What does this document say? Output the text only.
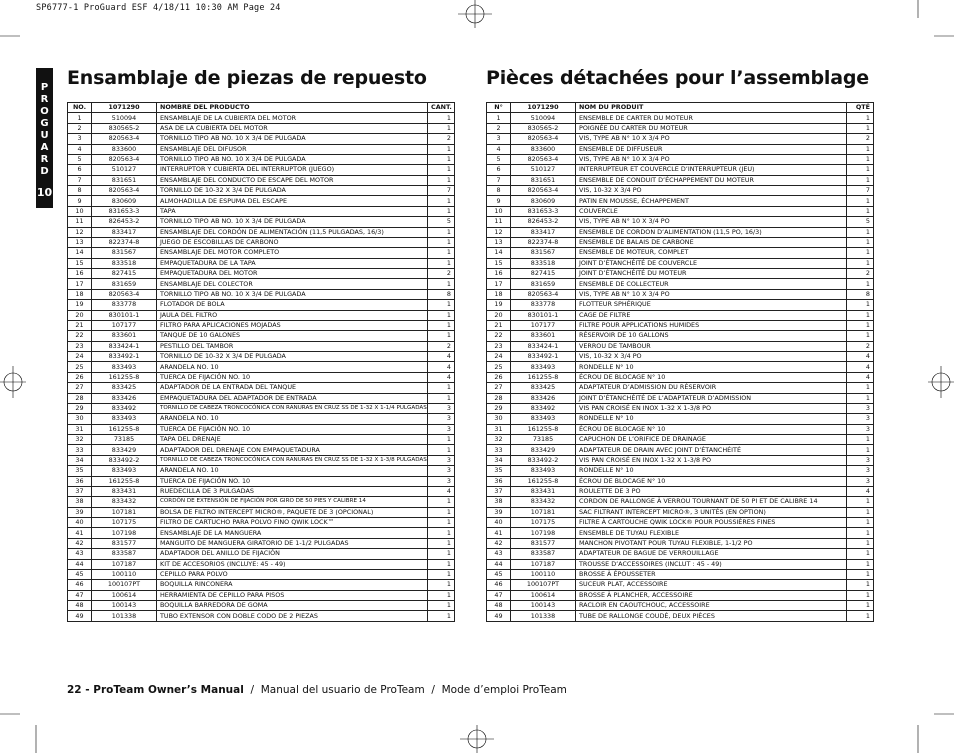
SP6777-1 ProGuard ESF 4/18/11 10:30 AM Page 24
P
R
O
G
U
A
R
D
10
Ensamblaje de piezas de repuesto	Pièces détachées pour l’assemblage
NO.	1071290	NOMBRE DEL PRODUCTO	CANT.
1	510094	ENSAMBLAJE DE LA CUBIERTA DEL MOTOR	1
2	830565-2	ASA DE LA CUBIERTA DEL MOTOR	1
3	820563-4	TORNILLO TIPO AB NO. 10 X 3/4 DE PULGADA	2
4	833600	ENSAMBLAJE DEL DIFUSOR	1
5	820563-4	TORNILLO TIPO AB NO. 10 X 3/4 DE PULGADA	1
6	510127	INTERRUPTOR Y CUBIERTA DEL INTERRUPTOR (JUEGO)	1
7	831651	ENSAMBLAJE DEL CONDUCTO DE ESCAPE DEL MOTOR	1
8	820563-4	TORNILLO DE 10-32 X 3/4 DE PULGADA	7
9	830609	ALMOHADILLA DE ESPUMA DEL ESCAPE	1
10	831653-3	TAPA	1
11	826453-2	TORNILLO TIPO AB NO. 10 X 3/4 DE PULGADA	5
12	833417	ENSAMBLAJE DEL CORDÓN DE ALIMENTACIÓN (11,5 PULGADAS, 16/3)	1
13	822374-8	JUEGO DE ESCOBILLAS DE CARBONO	1
14	831567	ENSAMBLAJE DEL MOTOR COMPLETO	1
15	833518	EMPAQUETADURA DE LA TAPA	1
16	827415	EMPAQUETADURA DEL MOTOR	2
17	831659	ENSAMBLAJE DEL COLECTOR	1
18	820563-4	TORNILLO TIPO AB NO. 10 X 3/4 DE PULGADA	8
19	833778	FLOTADOR DE BOLA	1
20	830101-1	JAULA DEL FILTRO	1
21	107177	FILTRO PARA APLICACIONES MOJADAS	1
22	833601	TANQUE DE 10 GALONES	1
23	833424-1	PESTILLO DEL TAMBOR	2
24	833492-1	TORNILLO DE 10-32 X 3/4 DE PULGADA	4
25	833493	ARANDELA NO. 10	4
26	161255-8	TUERCA DE FIJACIÓN NO. 10	4
27	833425	ADAPTADOR DE LA ENTRADA DEL TANQUE	1
28	833426	EMPAQUETADURA DEL ADAPTADOR DE ENTRADA	1
29	833492	TORNILLO DE CABEZA TRONCOCÓNICA CON RANURAS EN CRUZ SS DE 1-32 X 1-1/4 PULGADAS	3
30	833493	ARANDELA NO. 10	3
31	161255-8	TUERCA DE FIJACIÓN NO. 10	3
32	73185	TAPA DEL DRENAJE	1
33	833429	ADAPTADOR DEL DRENAJE CON EMPAQUETADURA	1
34	833492-2	TORNILLO DE CABEZA TRONCOCÓNICA CON RANURAS EN CRUZ SS DE 1-32 X 1-3/8 PULGADAS	3
35	833493	ARANDELA NO. 10	3
36	161255-8	TUERCA DE FIJACIÓN NO. 10	3
37	833431	RUEDECILLA DE 3 PULGADAS	4
38	833432	CORDÓN DE EXTENSIÓN DE FIJACIÓN POR GIRO DE 50 PIES Y CALIBRE 14	1
39	107181	BOLSA DE FILTRO INTERCEPT MICRO®, PAQUETE DE 3 (OPCIONAL)	1
40	107175	FILTRO DE CARTUCHO PARA POLVO FINO QWIK LOCK™	1
41	107198	ENSAMBLAJE DE LA MANGUERA	1
42	831577	MANGUITO DE MANGUERA GIRATORIO DE 1-1/2 PULGADAS	1
43	833587	ADAPTADOR DEL ANILLO DE FIJACIÓN	1
44	107187	KIT DE ACCESORIOS (INCLUYE: 45 - 49)	1
45	100110	CEPILLO PARA POLVO	1
46	100107PT	BOQUILLA RINCONERA	1
47	100614	HERRAMIENTA DE CEPILLO PARA PISOS	1
48	100143	BOQUILLA BARREDORA DE GOMA	1
49	101338	TUBO EXTENSOR CON DOBLE CODO DE 2 PIEZAS	1
N°	1071290	NOM DU PRODUIT	QTÉ
1	510094	ENSEMBLE DE CARTER DU MOTEUR	1
2	830565-2	POIGNÉE DU CARTER DU MOTEUR	1
3	820563-4	VIS, TYPE AB N° 10 X 3/4 PO	2
4	833600	ENSEMBLE DE DIFFUSEUR	1
5	820563-4	VIS, TYPE AB N° 10 X 3/4 PO	1
6	510127	INTERRUPTEUR ET COUVERCLE D’INTERRUPTEUR (JEU)	1
7	831651	ENSEMBLE DE CONDUIT D’ÉCHAPPEMENT DU MOTEUR	1
8	820563-4	VIS, 10-32 X 3/4 PO	7
9	830609	PATIN EN MOUSSE, ÉCHAPPEMENT	1
10	831653-3	COUVERCLE	1
11	826453-2	VIS, TYPE AB N° 10 X 3/4 PO	5
12	833417	ENSEMBLE DE CORDON D’ALIMENTATION (11,5 PO, 16/3)	1
13	822374-8	ENSEMBLE DE BALAIS DE CARBONE	1
14	831567	ENSEMBLE DE MOTEUR, COMPLET	1
15	833518	JOINT D’ÉTANCHÉITÉ DE COUVERCLE	1
16	827415	JOINT D’ÉTANCHÉITÉ DU MOTEUR	2
17	831659	ENSEMBLE DE COLLECTEUR	1
18	820563-4	VIS, TYPE AB N° 10 X 3/4 PO	8
19	833778	FLOTTEUR SPHÉRIQUE	1
20	830101-1	CAGE DE FILTRE	1
21	107177	FILTRE POUR APPLICATIONS HUMIDES	1
22	833601	RÉSERVOIR DE 10 GALLONS	1
23	833424-1	VERROU DE TAMBOUR	2
24	833492-1	VIS, 10-32 X 3/4 PO	4
25	833493	RONDELLE N° 10	4
26	161255-8	ÉCROU DE BLOCAGE N° 10	4
27	833425	ADAPTATEUR D’ADMISSION DU RÉSERVOIR	1
28	833426	JOINT D’ÉTANCHÉITÉ DE L’ADAPTATEUR D’ADMISSION	1
29	833492	VIS PAN CROISÉ EN INOX 1-32 X 1-3/8 PO	3
30	833493	RONDELLE N° 10	3
31	161255-8	ÉCROU DE BLOCAGE N° 10	3
32	73185	CAPUCHON DE L’ORIFICE DE DRAINAGE	1
33	833429	ADAPTATEUR DE DRAIN AVEC JOINT D’ÉTANCHÉITÉ	1
34	833492-2	VIS PAN CROISÉ EN INOX 1-32 X 1-3/8 PO	3
35	833493	RONDELLE N° 10	3
36	161255-8	ÉCROU DE BLOCAGE N° 10	3
37	833431	ROULETTE DE 3 PO	4
38	833432	CORDON DE RALLONGE À VERROU TOURNANT DE 50 PI ET DE CALIBRE 14	1
39	107181	SAC FILTRANT INTERCEPT MICRO®, 3 UNITÉS (EN OPTION)	1
40	107175	FILTRE À CARTOUCHE QWIK LOCK® POUR POUSSIÈRES FINES	1
41	107198	ENSEMBLE DE TUYAU FLEXIBLE	1
42	831577	MANCHON PIVOTANT POUR TUYAU FLEXIBLE, 1-1/2 PO	1
43	833587	ADAPTATEUR DE BAGUE DE VERROUILLAGE	1
44	107187	TROUSSE D’ACCESSOIRES (INCLUT : 45 - 49)	1
45	100110	BROSSE À ÉPOUSSETER	1
46	100107PT	SUCEUR PLAT, ACCESSOIRE	1
47	100614	BROSSE À PLANCHER, ACCESSOIRE	1
48	100143	RACLOIR EN CAOUTCHOUC, ACCESSOIRE	1
49	101338	TUBE DE RALLONGE COUDÉ, DEUX PIÈCES	1
22 - ProTeam Owner’s Manual  /  Manual del usuario de ProTeam  /  Mode d’emploi ProTeam
